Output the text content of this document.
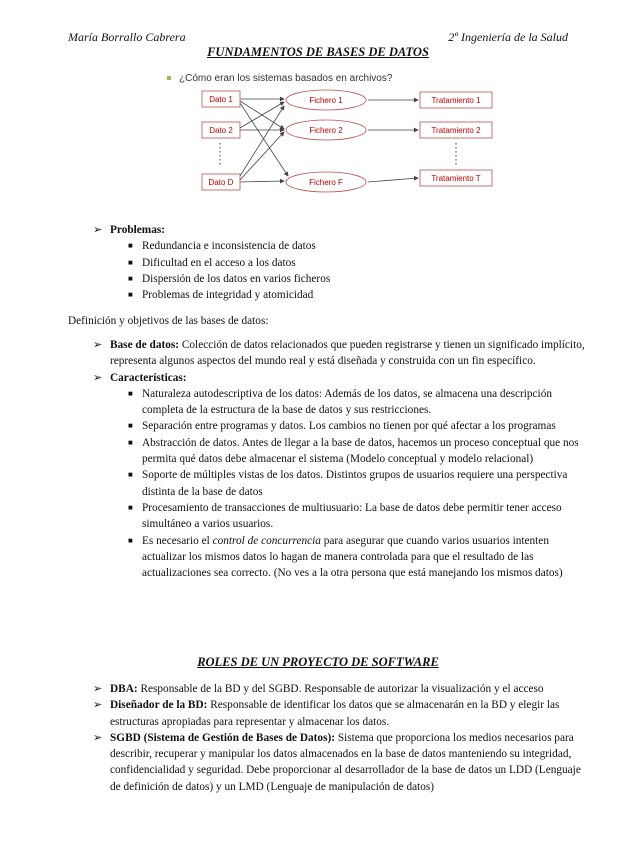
María Borrallo Cabrera	2º Ingeniería de la Salud
FUNDAMENTOS DE BASES DE DATOS
¿Cómo eran los sistemas basados en archivos?
Dato 1
Dato 2
Dato D
Fichero 1
Fichero 2
Fichero F
Tratamiento 1
Tratamiento 2
Tratamiento T
➢ Problemas:
■ Redundancia e inconsistencia de datos
■ Dificultad en el acceso a los datos
■ Dispersión de los datos en varios ficheros
■ Problemas de integridad y atomicidad
Definición y objetivos de las bases de datos:
➢ Base de datos: Colección de datos relacionados que pueden registrarse y tienen un significado implícito, representa algunos aspectos del mundo real y está diseñada y construida con un fin específico.
➢ Características:
■ Naturaleza autodescriptiva de los datos: Además de los datos, se almacena una descripción completa de la estructura de la base de datos y sus restricciones.
■ Separación entre programas y datos. Los cambios no tienen por qué afectar a los programas
■ Abstracción de datos. Antes de llegar a la base de datos, hacemos un proceso conceptual que nos permita qué datos debe almacenar el sistema (Modelo conceptual y modelo relacional)
■ Soporte de múltiples vistas de los datos. Distintos grupos de usuarios requiere una perspectiva distinta de la base de datos
■ Procesamiento de transacciones de multiusuario: La base de datos debe permitir tener acceso simultáneo a varios usuarios.
■ Es necesario el control de concurrencia para asegurar que cuando varios usuarios intenten actualizar los mismos datos lo hagan de manera controlada para que el resultado de las actualizaciones sea correcto. (No ves a la otra persona que está manejando los mismos datos)
ROLES DE UN PROYECTO DE SOFTWARE
➢ DBA: Responsable de la BD y del SGBD. Responsable de autorizar la visualización y el acceso
➢ Diseñador de la BD: Responsable de identificar los datos que se almacenarán en la BD y elegir las estructuras apropiadas para representar y almacenar los datos.
➢ SGBD (Sistema de Gestión de Bases de Datos): Sistema que proporciona los medios necesarios para describir, recuperar y manipular los datos almacenados en la base de datos manteniendo su integridad, confidencialidad y seguridad. Debe proporcionar al desarrollador de la base de datos un LDD (Lenguaje de definición de datos) y un LMD (Lenguaje de manipulación de datos)
